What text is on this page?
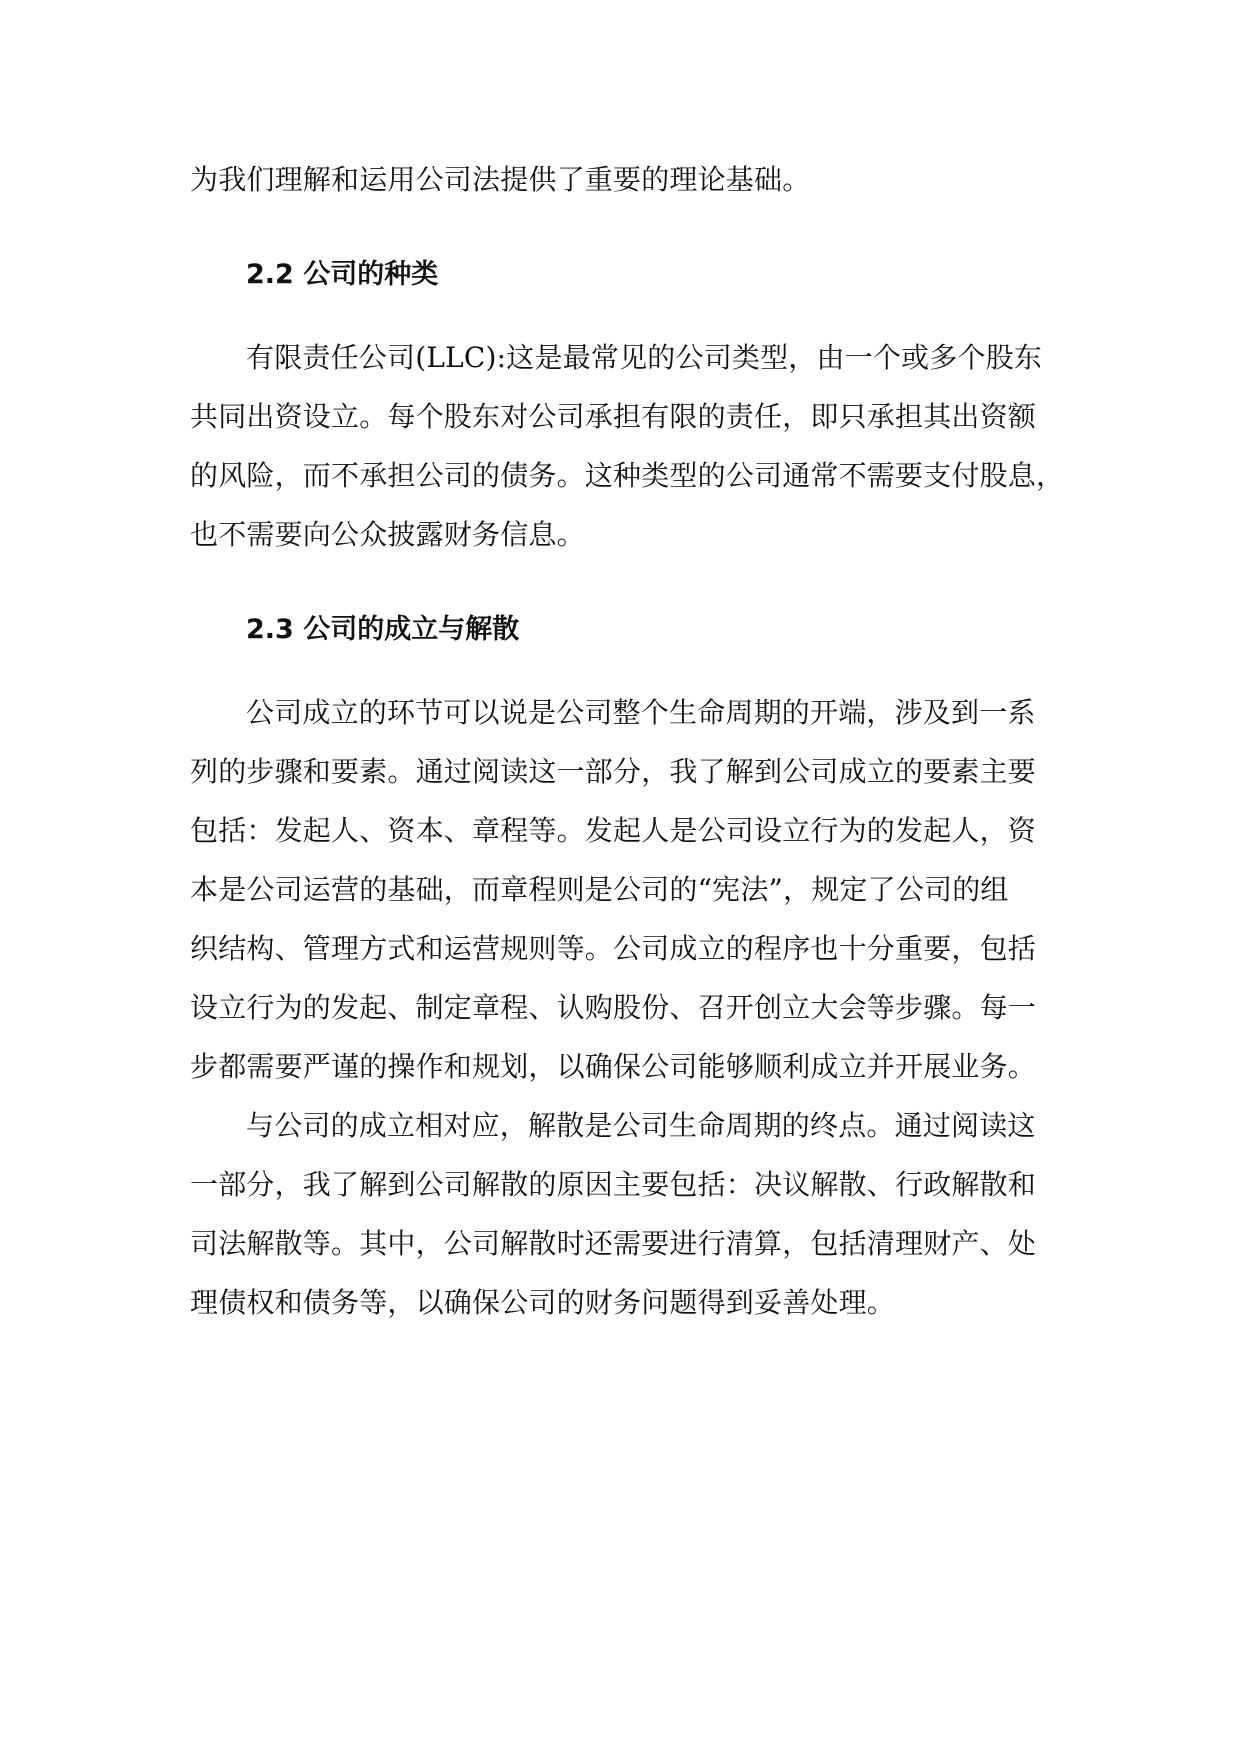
为我们理解和运用公司法提供了重要的理论基础。
2.2 公司的种类
有限责任公司(LLC):这是最常见的公司类型，由一个或多个股东
共同出资设立。每个股东对公司承担有限的责任，即只承担其出资额
的风险，而不承担公司的债务。这种类型的公司通常不需要支付股息，
也不需要向公众披露财务信息。
2.3 公司的成立与解散
公司成立的环节可以说是公司整个生命周期的开端，涉及到一系
列的步骤和要素。通过阅读这一部分，我了解到公司成立的要素主要
包括：发起人、资本、章程等。发起人是公司设立行为的发起人，资
本是公司运营的基础，而章程则是公司的“宪法”，规定了公司的组
织结构、管理方式和运营规则等。公司成立的程序也十分重要，包括
设立行为的发起、制定章程、认购股份、召开创立大会等步骤。每一
步都需要严谨的操作和规划，以确保公司能够顺利成立并开展业务。
与公司的成立相对应，解散是公司生命周期的终点。通过阅读这
一部分，我了解到公司解散的原因主要包括：决议解散、行政解散和
司法解散等。其中，公司解散时还需要进行清算，包括清理财产、处
理债权和债务等，以确保公司的财务问题得到妥善处理。
